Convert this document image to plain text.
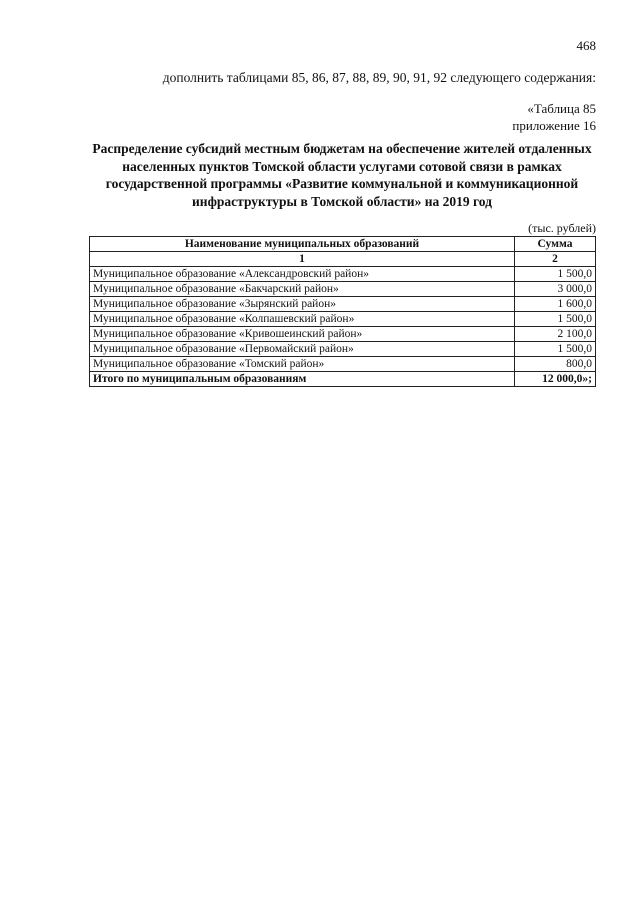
468
дополнить таблицами 85, 86, 87, 88, 89, 90, 91, 92 следующего содержания:
«Таблица 85
приложение 16
Распределение субсидий местным бюджетам на обеспечение жителей отдаленных населенных пунктов Томской области услугами сотовой связи в рамках государственной программы «Развитие коммунальной и коммуникационной инфраструктуры в Томской области» на 2019 год
(тыс. рублей)
Наименование муниципальных образований	Сумма
1	2
Муниципальное образование «Александровский район»	1 500,0
Муниципальное образование «Бакчарский район»	3 000,0
Муниципальное образование «Зырянский район»	1 600,0
Муниципальное образование «Колпашевский район»	1 500,0
Муниципальное образование «Кривошеинский район»	2 100,0
Муниципальное образование «Первомайский район»	1 500,0
Муниципальное образование «Томский район»	800,0
Итого по муниципальным образованиям	12 000,0»;
